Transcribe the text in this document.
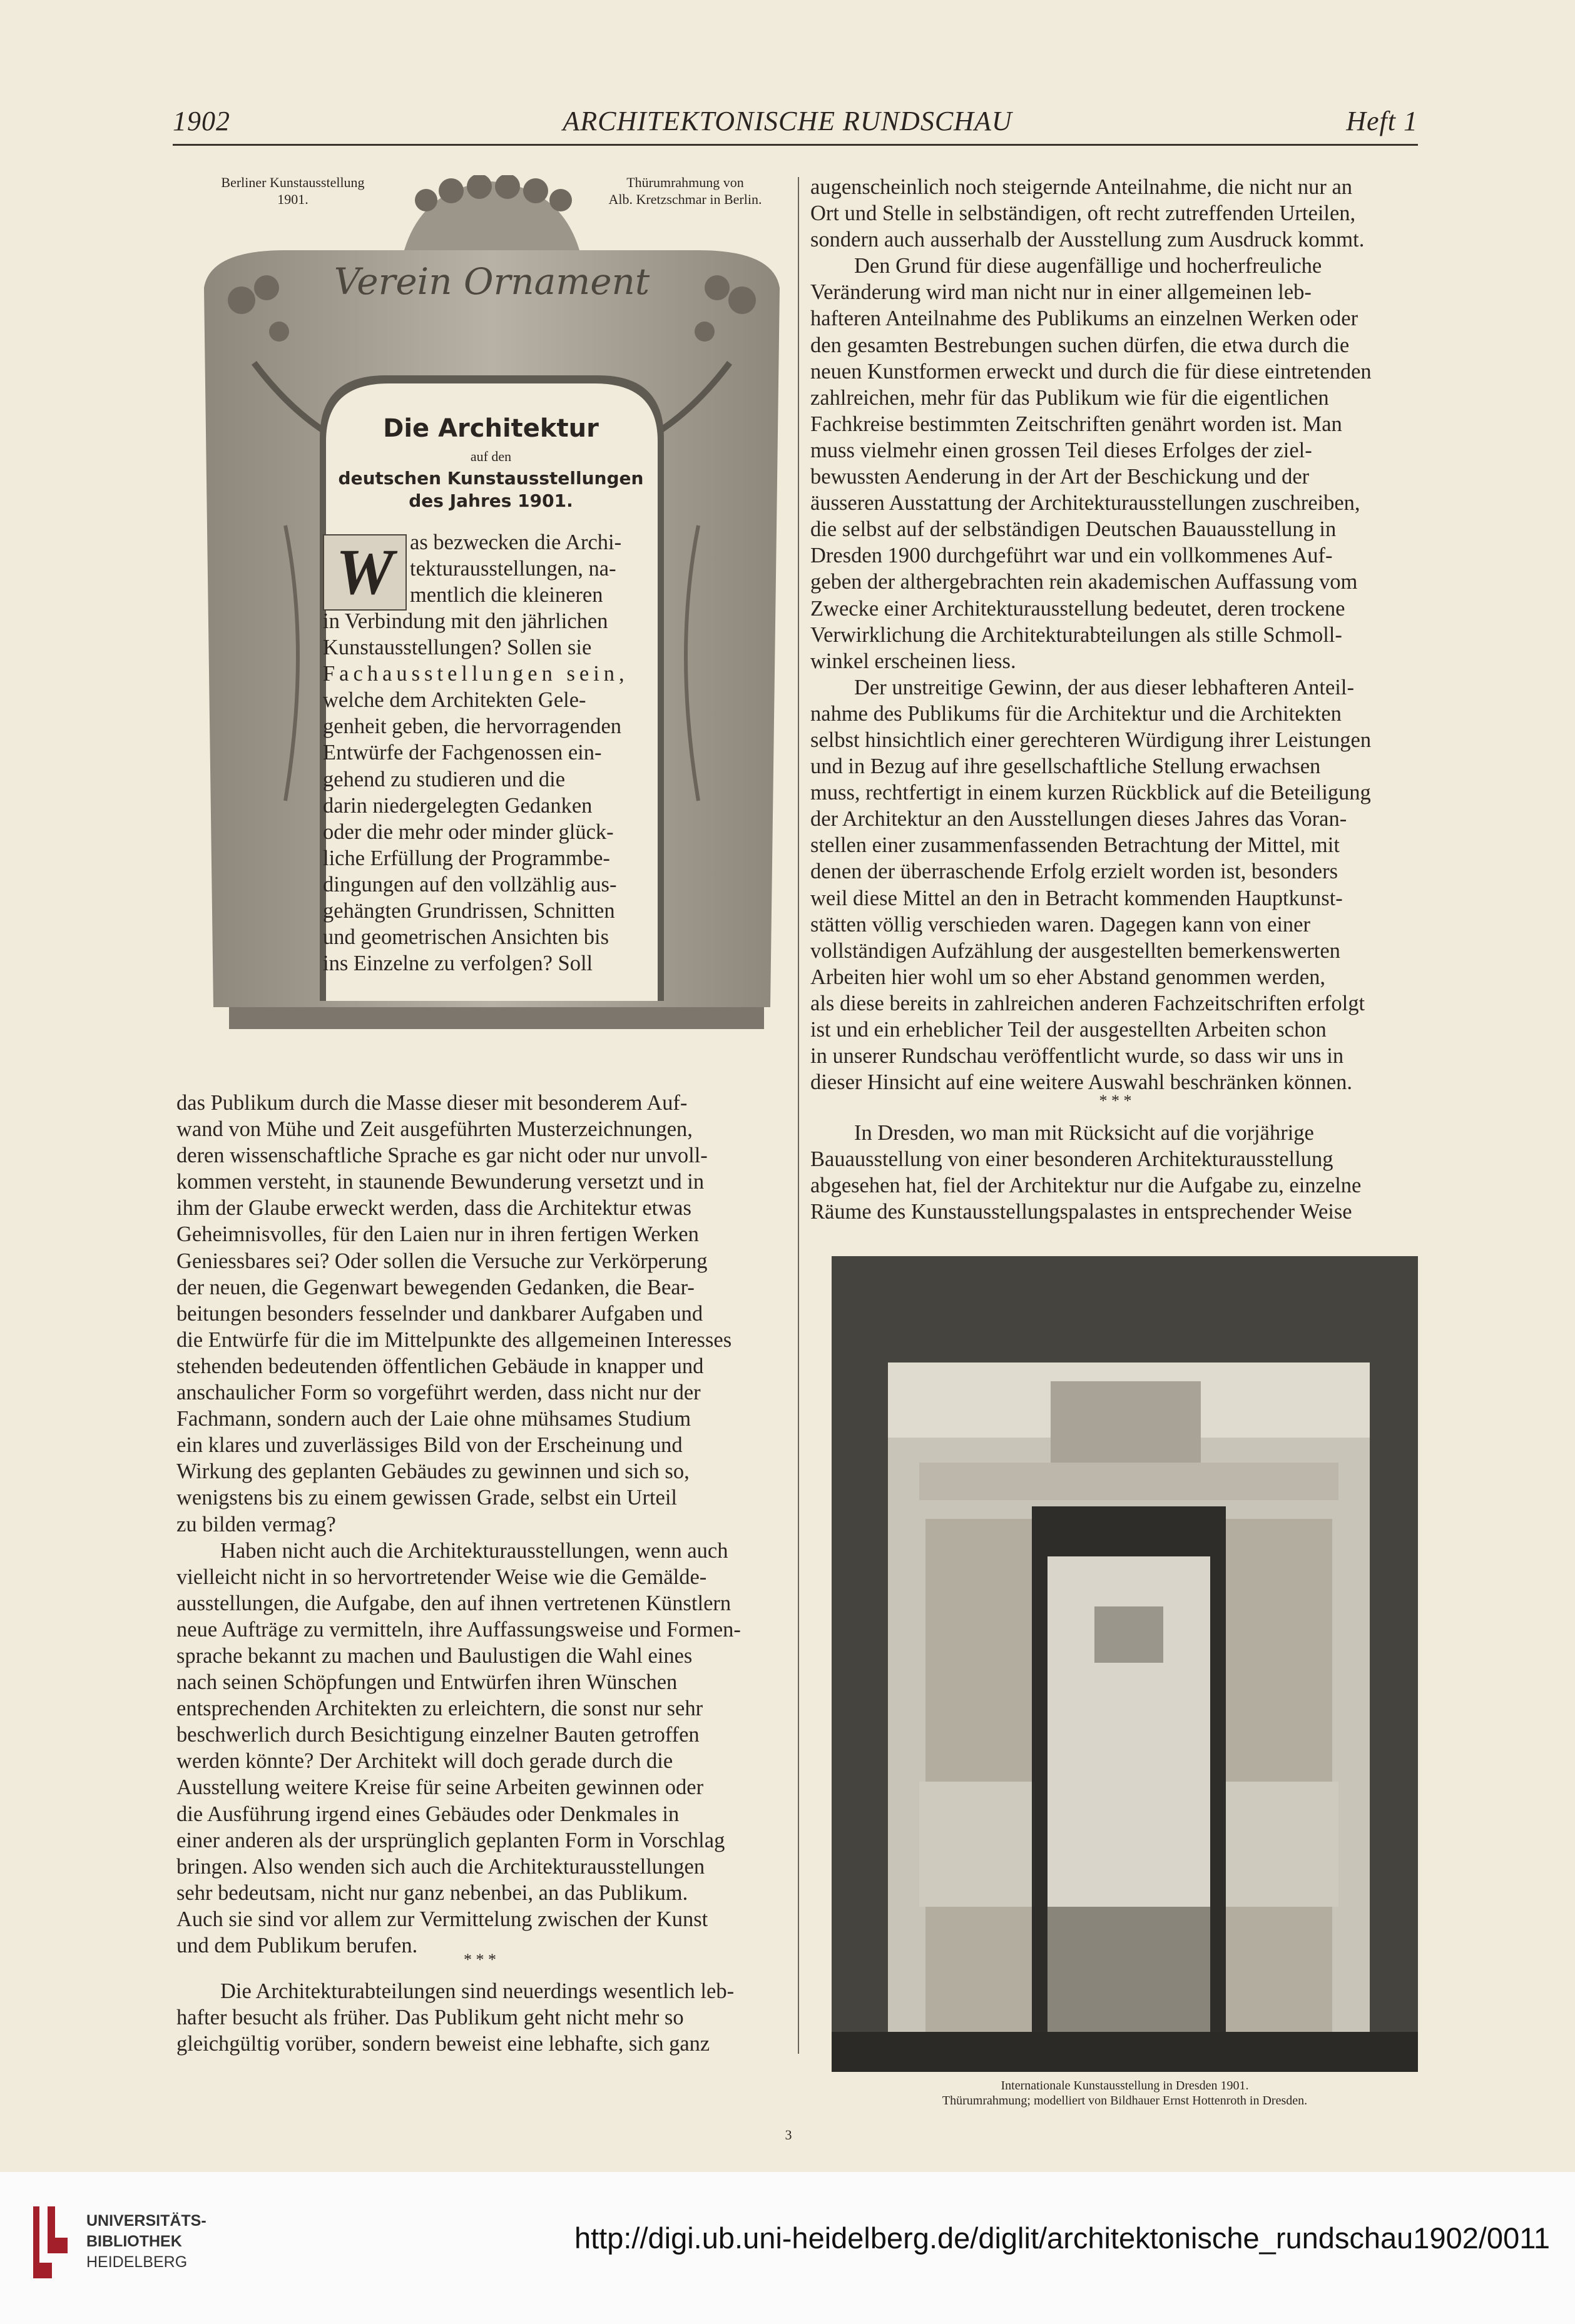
1902	ARCHITEKTONISCHE RUNDSCHAU	Heft 1
Berliner Kunstausstellung
1901.
Thürumrahmung von
Alb. Kretzschmar in Berlin.
Verein Ornament
Die Architektur
auf den
deutschen Kunstausstellungen
des Jahres 1901.
W as bezwecken die Archi-

tekturausstellungen, na-

mentlich die kleineren

in Verbindung mit den jährlichen

Kunstausstellungen? Sollen sie

Fachausstellungen sein,

welche dem Architekten Gele-

genheit geben, die hervorragenden

Entwürfe der Fachgenossen ein-

gehend zu studieren und die

darin niedergelegten Gedanken

oder die mehr oder minder glück-

liche Erfüllung der Programmbe-

dingungen auf den vollzählig aus-

gehängten Grundrissen, Schnitten

und geometrischen Ansichten bis

ins Einzelne zu verfolgen? Soll

das Publikum durch die Masse dieser mit besonderem Auf-

wand von Mühe und Zeit ausgeführten Musterzeichnungen,

deren wissenschaftliche Sprache es gar nicht oder nur unvoll-

kommen versteht, in staunende Bewunderung versetzt und in

ihm der Glaube erweckt werden, dass die Architektur etwas

Geheimnisvolles, für den Laien nur in ihren fertigen Werken

Geniessbares sei? Oder sollen die Versuche zur Verkörperung

der neuen, die Gegenwart bewegenden Gedanken, die Bear-

beitungen besonders fesselnder und dankbarer Aufgaben und

die Entwürfe für die im Mittelpunkte des allgemeinen Interesses

stehenden bedeutenden öffentlichen Gebäude in knapper und

anschaulicher Form so vorgeführt werden, dass nicht nur der

Fachmann, sondern auch der Laie ohne mühsames Studium

ein klares und zuverlässiges Bild von der Erscheinung und

Wirkung des geplanten Gebäudes zu gewinnen und sich so,

wenigstens bis zu einem gewissen Grade, selbst ein Urteil

zu bilden vermag?

Haben nicht auch die Architekturausstellungen, wenn auch

vielleicht nicht in so hervortretender Weise wie die Gemälde-

ausstellungen, die Aufgabe, den auf ihnen vertretenen Künstlern

neue Aufträge zu vermitteln, ihre Auffassungsweise und Formen-

sprache bekannt zu machen und Baulustigen die Wahl eines

nach seinen Schöpfungen und Entwürfen ihren Wünschen

entsprechenden Architekten zu erleichtern, die sonst nur sehr

beschwerlich durch Besichtigung einzelner Bauten getroffen

werden könnte? Der Architekt will doch gerade durch die

Ausstellung weitere Kreise für seine Arbeiten gewinnen oder

die Ausführung irgend eines Gebäudes oder Denkmales in

einer anderen als der ursprünglich geplanten Form in Vorschlag

bringen. Also wenden sich auch die Architekturausstellungen

sehr bedeutsam, nicht nur ganz nebenbei, an das Publikum.

Auch sie sind vor allem zur Vermittelung zwischen der Kunst

und dem Publikum berufen.

* * *

Die Architekturabteilungen sind neuerdings wesentlich leb-

hafter besucht als früher. Das Publikum geht nicht mehr so

gleichgültig vorüber, sondern beweist eine lebhafte, sich ganz

augenscheinlich noch steigernde Anteilnahme, die nicht nur an

Ort und Stelle in selbständigen, oft recht zutreffenden Urteilen,

sondern auch ausserhalb der Ausstellung zum Ausdruck kommt.

Den Grund für diese augenfällige und hocherfreuliche

Veränderung wird man nicht nur in einer allgemeinen leb-

hafteren Anteilnahme des Publikums an einzelnen Werken oder

den gesamten Bestrebungen suchen dürfen, die etwa durch die

neuen Kunstformen erweckt und durch die für diese eintretenden

zahlreichen, mehr für das Publikum wie für die eigentlichen

Fachkreise bestimmten Zeitschriften genährt worden ist. Man

muss vielmehr einen grossen Teil dieses Erfolges der ziel-

bewussten Aenderung in der Art der Beschickung und der

äusseren Ausstattung der Architekturausstellungen zuschreiben,

die selbst auf der selbständigen Deutschen Bauausstellung in

Dresden 1900 durchgeführt war und ein vollkommenes Auf-

geben der althergebrachten rein akademischen Auffassung vom

Zwecke einer Architekturausstellung bedeutet, deren trockene

Verwirklichung die Architekturabteilungen als stille Schmoll-

winkel erscheinen liess.

Der unstreitige Gewinn, der aus dieser lebhafteren Anteil-

nahme des Publikums für die Architektur und die Architekten

selbst hinsichtlich einer gerechteren Würdigung ihrer Leistungen

und in Bezug auf ihre gesellschaftliche Stellung erwachsen

muss, rechtfertigt in einem kurzen Rückblick auf die Beteiligung

der Architektur an den Ausstellungen dieses Jahres das Voran-

stellen einer zusammenfassenden Betrachtung der Mittel, mit

denen der überraschende Erfolg erzielt worden ist, besonders

weil diese Mittel an den in Betracht kommenden Hauptkunst-

stätten völlig verschieden waren. Dagegen kann von einer

vollständigen Aufzählung der ausgestellten bemerkenswerten

Arbeiten hier wohl um so eher Abstand genommen werden,

als diese bereits in zahlreichen anderen Fachzeitschriften erfolgt

ist und ein erheblicher Teil der ausgestellten Arbeiten schon

in unserer Rundschau veröffentlicht wurde, so dass wir uns in

dieser Hinsicht auf eine weitere Auswahl beschränken können.

* * *

In Dresden, wo man mit Rücksicht auf die vorjährige

Bauausstellung von einer besonderen Architekturausstellung

abgesehen hat, fiel der Architektur nur die Aufgabe zu, einzelne

Räume des Kunstausstellungspalastes in entsprechender Weise

Internationale Kunstausstellung in Dresden 1901.
Thürumrahmung; modelliert von Bildhauer Ernst Hottenroth in Dresden.
3
UNIVERSITÄTS-
BIBLIOTHEK
HEIDELBERG
http://digi.ub.uni-heidelberg.de/diglit/architektonische_rundschau1902/0011
